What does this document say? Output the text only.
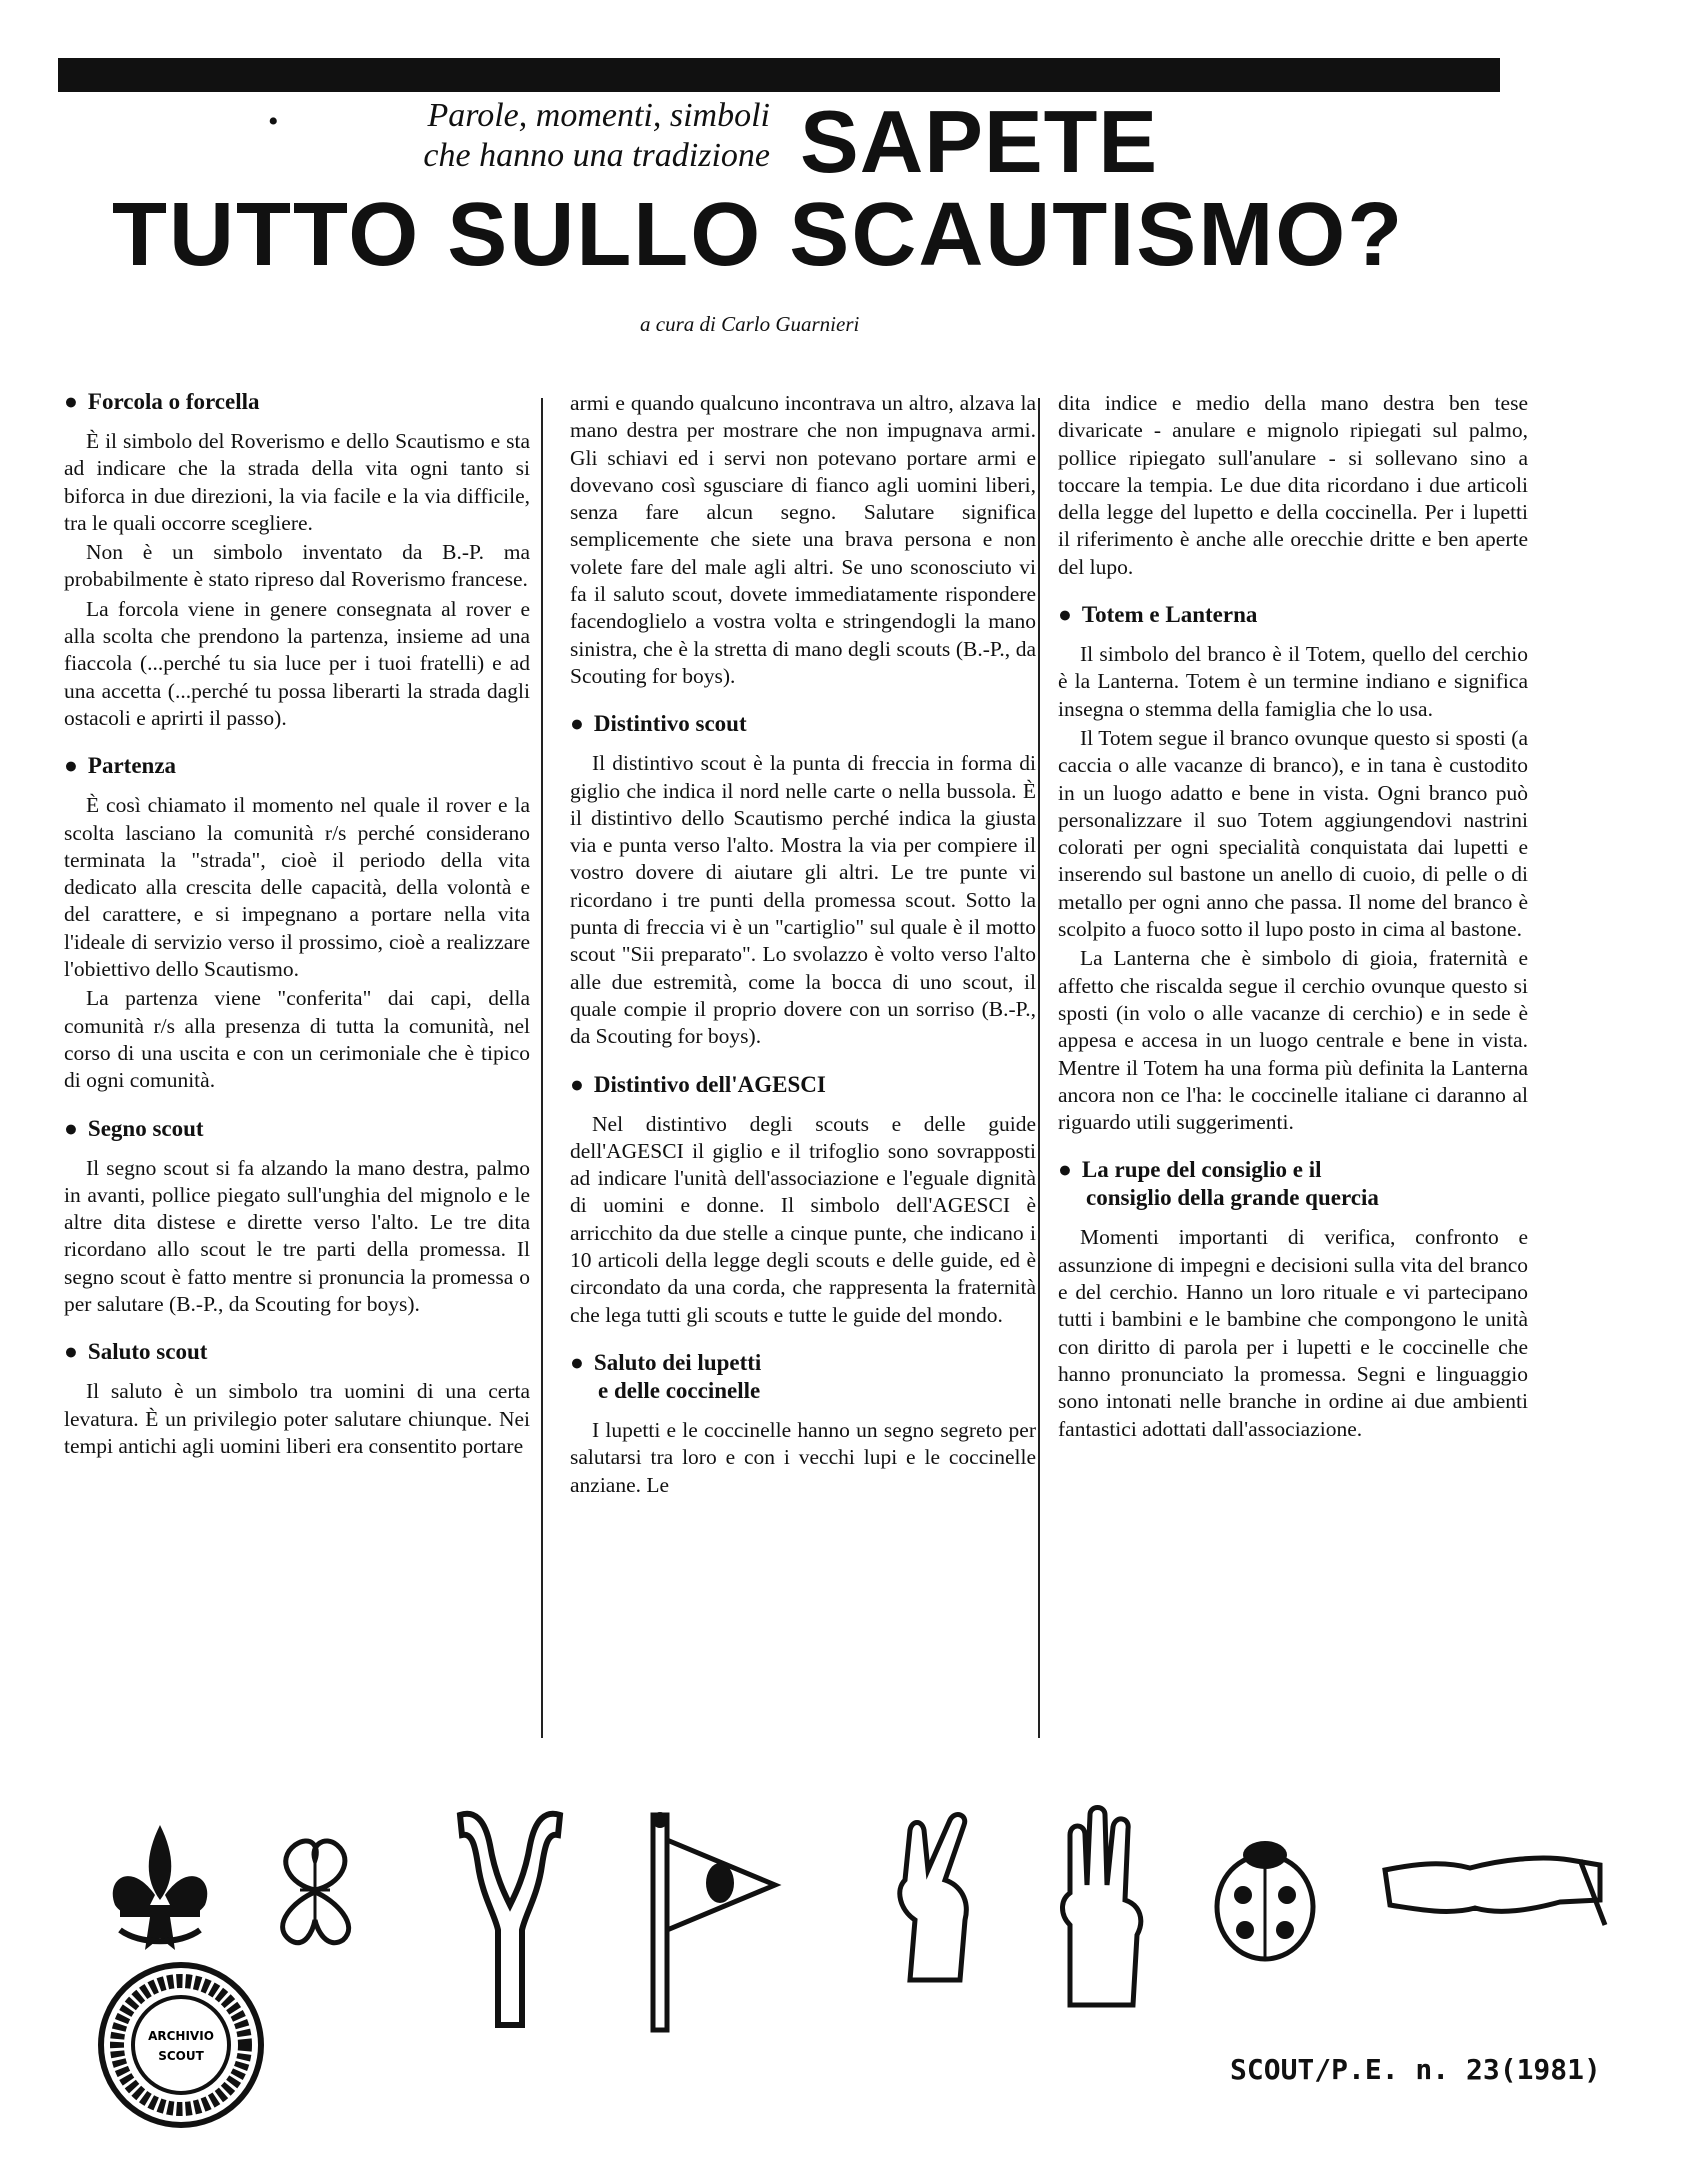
•	Parole, momenti, simboli
che hanno una tradizione SAPETE
TUTTO SULLO SCAUTISMO?
a cura di Carlo Guarnieri
● Forcola o forcella

È il simbolo del Roverismo e dello Scautismo e sta ad indicare che la strada della vita ogni tanto si biforca in due direzioni, la via facile e la via difficile, tra le quali occorre scegliere.

Non è un simbolo inventato da B.-P. ma probabilmente è stato ripreso dal Roverismo francese.

La forcola viene in genere consegnata al rover e alla scolta che prendono la partenza, insieme ad una fiaccola (...perché tu sia luce per i tuoi fratelli) e ad una accetta (...perché tu possa liberarti la strada dagli ostacoli e aprirti il passo).

● Partenza

È così chiamato il momento nel quale il rover e la scolta lasciano la comunità r/s perché considerano terminata la "strada", cioè il periodo della vita dedicato alla crescita delle capacità, della volontà e del carattere, e si impegnano a portare nella vita l'ideale di servizio verso il prossimo, cioè a realizzare l'obiettivo dello Scautismo.

La partenza viene "conferita" dai capi, della comunità r/s alla presenza di tutta la comunità, nel corso di una uscita e con un cerimoniale che è tipico di ogni comunità.

● Segno scout

Il segno scout si fa alzando la mano destra, palmo in avanti, pollice piegato sull'unghia del mignolo e le altre dita distese e dirette verso l'alto. Le tre dita ricordano allo scout le tre parti della promessa. Il segno scout è fatto mentre si pronuncia la promessa o per salutare (B.-P., da Scouting for boys).

● Saluto scout

Il saluto è un simbolo tra uomini di una certa levatura. È un privilegio poter salutare chiunque. Nei tempi antichi agli uomini liberi era consentito portare

armi e quando qualcuno incontrava un altro, alzava la mano destra per mostrare che non impugnava armi. Gli schiavi ed i servi non potevano portare armi e dovevano così sgusciare di fianco agli uomini liberi, senza fare alcun segno. Salutare significa semplicemente che siete una brava persona e non volete fare del male agli altri. Se uno sconosciuto vi fa il saluto scout, dovete immediatamente rispondere facendoglielo a vostra volta e stringendogli la mano sinistra, che è la stretta di mano degli scouts (B.-P., da Scouting for boys).

● Distintivo scout

Il distintivo scout è la punta di freccia in forma di giglio che indica il nord nelle carte o nella bussola. È il distintivo dello Scautismo perché indica la giusta via e punta verso l'alto. Mostra la via per compiere il vostro dovere di aiutare gli altri. Le tre punte vi ricordano i tre punti della promessa scout. Sotto la punta di freccia vi è un "cartiglio" sul quale è il motto scout "Sii preparato". Lo svolazzo è volto verso l'alto alle due estremità, come la bocca di uno scout, il quale compie il proprio dovere con un sorriso (B.-P., da Scouting for boys).

● Distintivo dell'AGESCI

Nel distintivo degli scouts e delle guide dell'AGESCI il giglio e il trifoglio sono sovrapposti ad indicare l'unità dell'associazione e l'eguale dignità di uomini e donne. Il simbolo dell'AGESCI è arricchito da due stelle a cinque punte, che indicano i 10 articoli della legge degli scouts e delle guide, ed è circondato da una corda, che rappresenta la fraternità che lega tutti gli scouts e tutte le guide del mondo.

● Saluto dei lupetti
e delle coccinelle

I lupetti e le coccinelle hanno un segno segreto per salutarsi tra loro e con i vecchi lupi e le coccinelle anziane. Le

dita indice e medio della mano destra ben tese divaricate - anulare e mignolo ripiegati sul palmo, pollice ripiegato sull'anulare - si sollevano sino a toccare la tempia. Le due dita ricordano i due articoli della legge del lupetto e della coccinella. Per i lupetti il riferimento è anche alle orecchie dritte e ben aperte del lupo.

● Totem e Lanterna

Il simbolo del branco è il Totem, quello del cerchio è la Lanterna. Totem è un termine indiano e significa insegna o stemma della famiglia che lo usa.

Il Totem segue il branco ovunque questo si sposti (a caccia o alle vacanze di branco), e in tana è custodito in un luogo adatto e bene in vista. Ogni branco può personalizzare il suo Totem aggiungendovi nastrini colorati per ogni specialità conquistata dai lupetti e inserendo sul bastone un anello di cuoio, di pelle o di metallo per ogni anno che passa. Il nome del branco è scolpito a fuoco sotto il lupo posto in cima al bastone.

La Lanterna che è simbolo di gioia, fraternità e affetto che riscalda segue il cerchio ovunque questo si sposti (in volo o alle vacanze di cerchio) e in sede è appesa e accesa in un luogo centrale e bene in vista. Mentre il Totem ha una forma più definita la Lanterna ancora non ce l'ha: le coccinelle italiane ci daranno al riguardo utili suggerimenti.

● La rupe del consiglio e il
consiglio della grande quercia

Momenti importanti di verifica, confronto e assunzione di impegni e decisioni sulla vita del branco e del cerchio. Hanno un loro rituale e vi partecipano tutti i bambini e le bambine che compongono le unità con diritto di parola per i lupetti e le coccinelle che hanno pronunciato la promessa. Segni e linguaggio sono intonati nelle branche in ordine ai due ambienti fantastici adottati dall'associazione.

ARCHIVIO
SCOUT	SCOUT/P.E. n. 23(1981)
